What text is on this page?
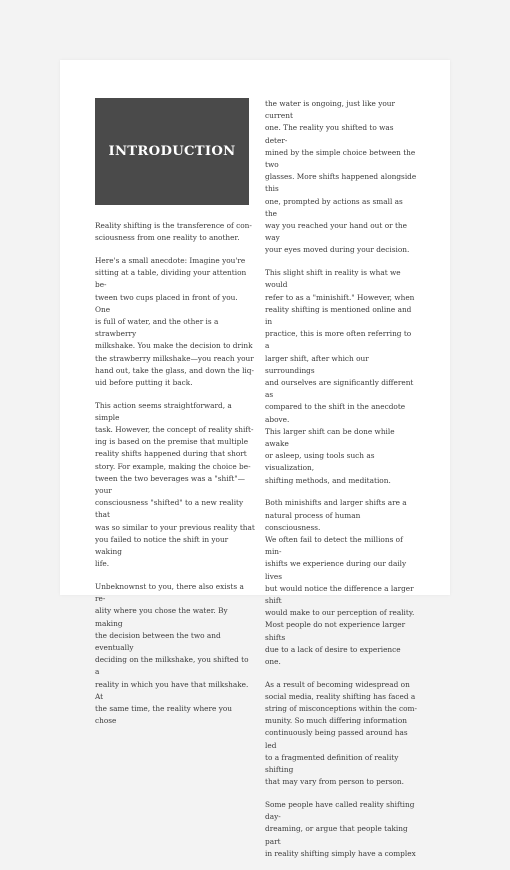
INTRODUCTION

Reality shifting is the transference of con-
sciousness from one reality to another.

Here's a small anecdote: Imagine you're
sitting at a table, dividing your attention be-
tween two cups placed in front of you. One
is full of water, and the other is a strawberry
milkshake. You make the decision to drink
the strawberry milkshake—you reach your
hand out, take the glass, and down the liq-
uid before putting it back.

This action seems straightforward, a simple
task. However, the concept of reality shift-
ing is based on the premise that multiple
reality shifts happened during that short
story. For example, making the choice be-
tween the two beverages was a "shift"—your
consciousness "shifted" to a new reality that
was so similar to your previous reality that
you failed to notice the shift in your waking
life.

Unbeknownst to you, there also exists a re-
ality where you chose the water. By making
the decision between the two and eventually
deciding on the milkshake, you shifted to a
reality in which you have that milkshake. At
the same time, the reality where you chose

the water is ongoing, just like your current
one. The reality you shifted to was deter-
mined by the simple choice between the two
glasses. More shifts happened alongside this
one, prompted by actions as small as the
way you reached your hand out or the way
your eyes moved during your decision.

This slight shift in reality is what we would
refer to as a "minishift." However, when
reality shifting is mentioned online and in
practice, this is more often referring to a
larger shift, after which our surroundings
and ourselves are significantly different as
compared to the shift in the anecdote above.
This larger shift can be done while awake
or asleep, using tools such as visualization,
shifting methods, and meditation.

Both minishifts and larger shifts are a
natural process of human consciousness.
We often fail to detect the millions of min-
ishifts we experience during our daily lives
but would notice the difference a larger shift
would make to our perception of reality.
Most people do not experience larger shifts
due to a lack of desire to experience one.

As a result of becoming widespread on
social media, reality shifting has faced a
string of misconceptions within the com-
munity. So much differing information
continuously being passed around has led
to a fragmented definition of reality shifting
that may vary from person to person.

Some people have called reality shifting day-
dreaming, or argue that people taking part
in reality shifting simply have a complex
